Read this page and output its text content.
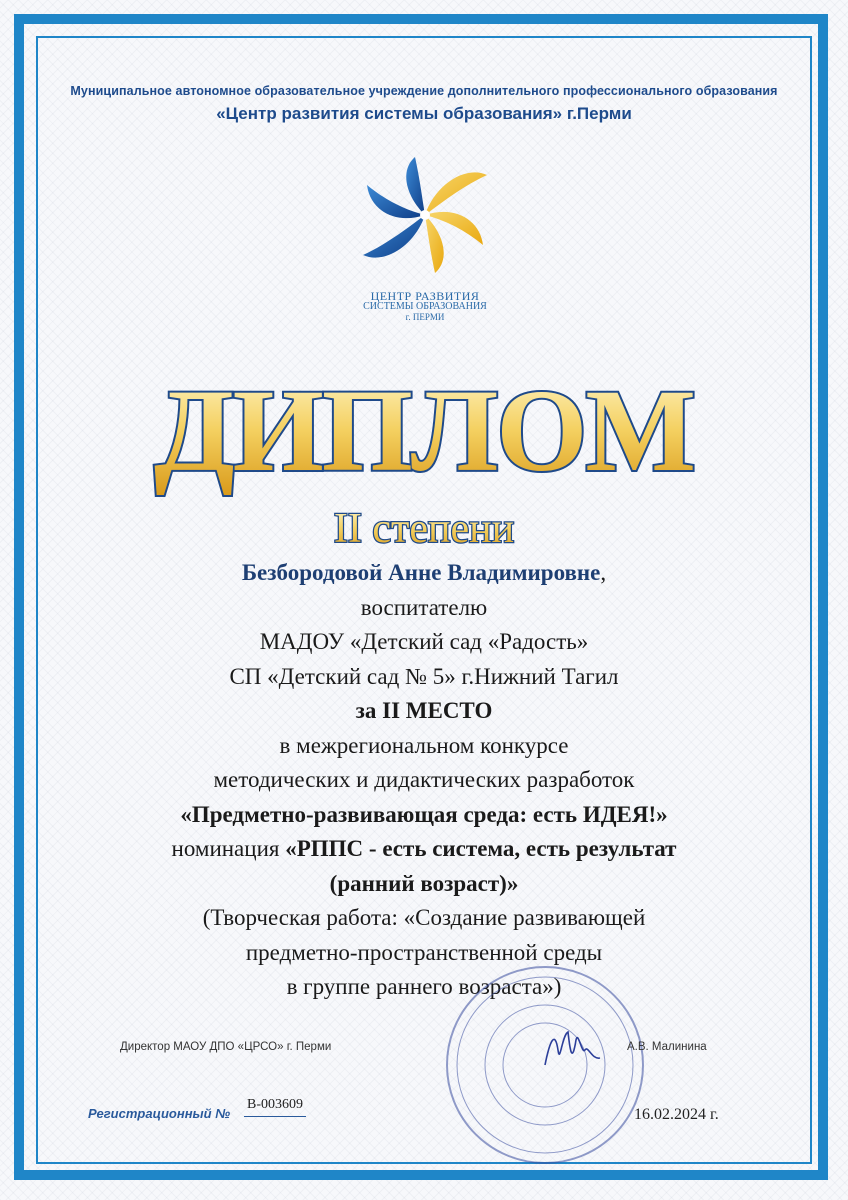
Муниципальное автономное образовательное учреждение дополнительного профессионального образования
«Центр развития системы образования» г.Перми
ЦЕНТР РАЗВИТИЯ
СИСТЕМЫ ОБРАЗОВАНИЯ
г. ПЕРМИ
ДИПЛОМ
II степени
Безбородовой Анне Владимировне,
воспитателю
МАДОУ «Детский сад «Радость»
СП «Детский сад № 5» г.Нижний Тагил
за II МЕСТО
в межрегиональном конкурсе
методических и дидактических разработок
«Предметно-развивающая среда: есть ИДЕЯ!»
номинация «РППС - есть система, есть результат
(ранний возраст)»
(Творческая работа: «Создание развивающей
предметно-пространственной среды
в группе раннего возраста»)
Директор МАОУ ДПО «ЦРСО» г. Перми	А.В. Малинина
Регистрационный №
В-003609
16.02.2024 г.
